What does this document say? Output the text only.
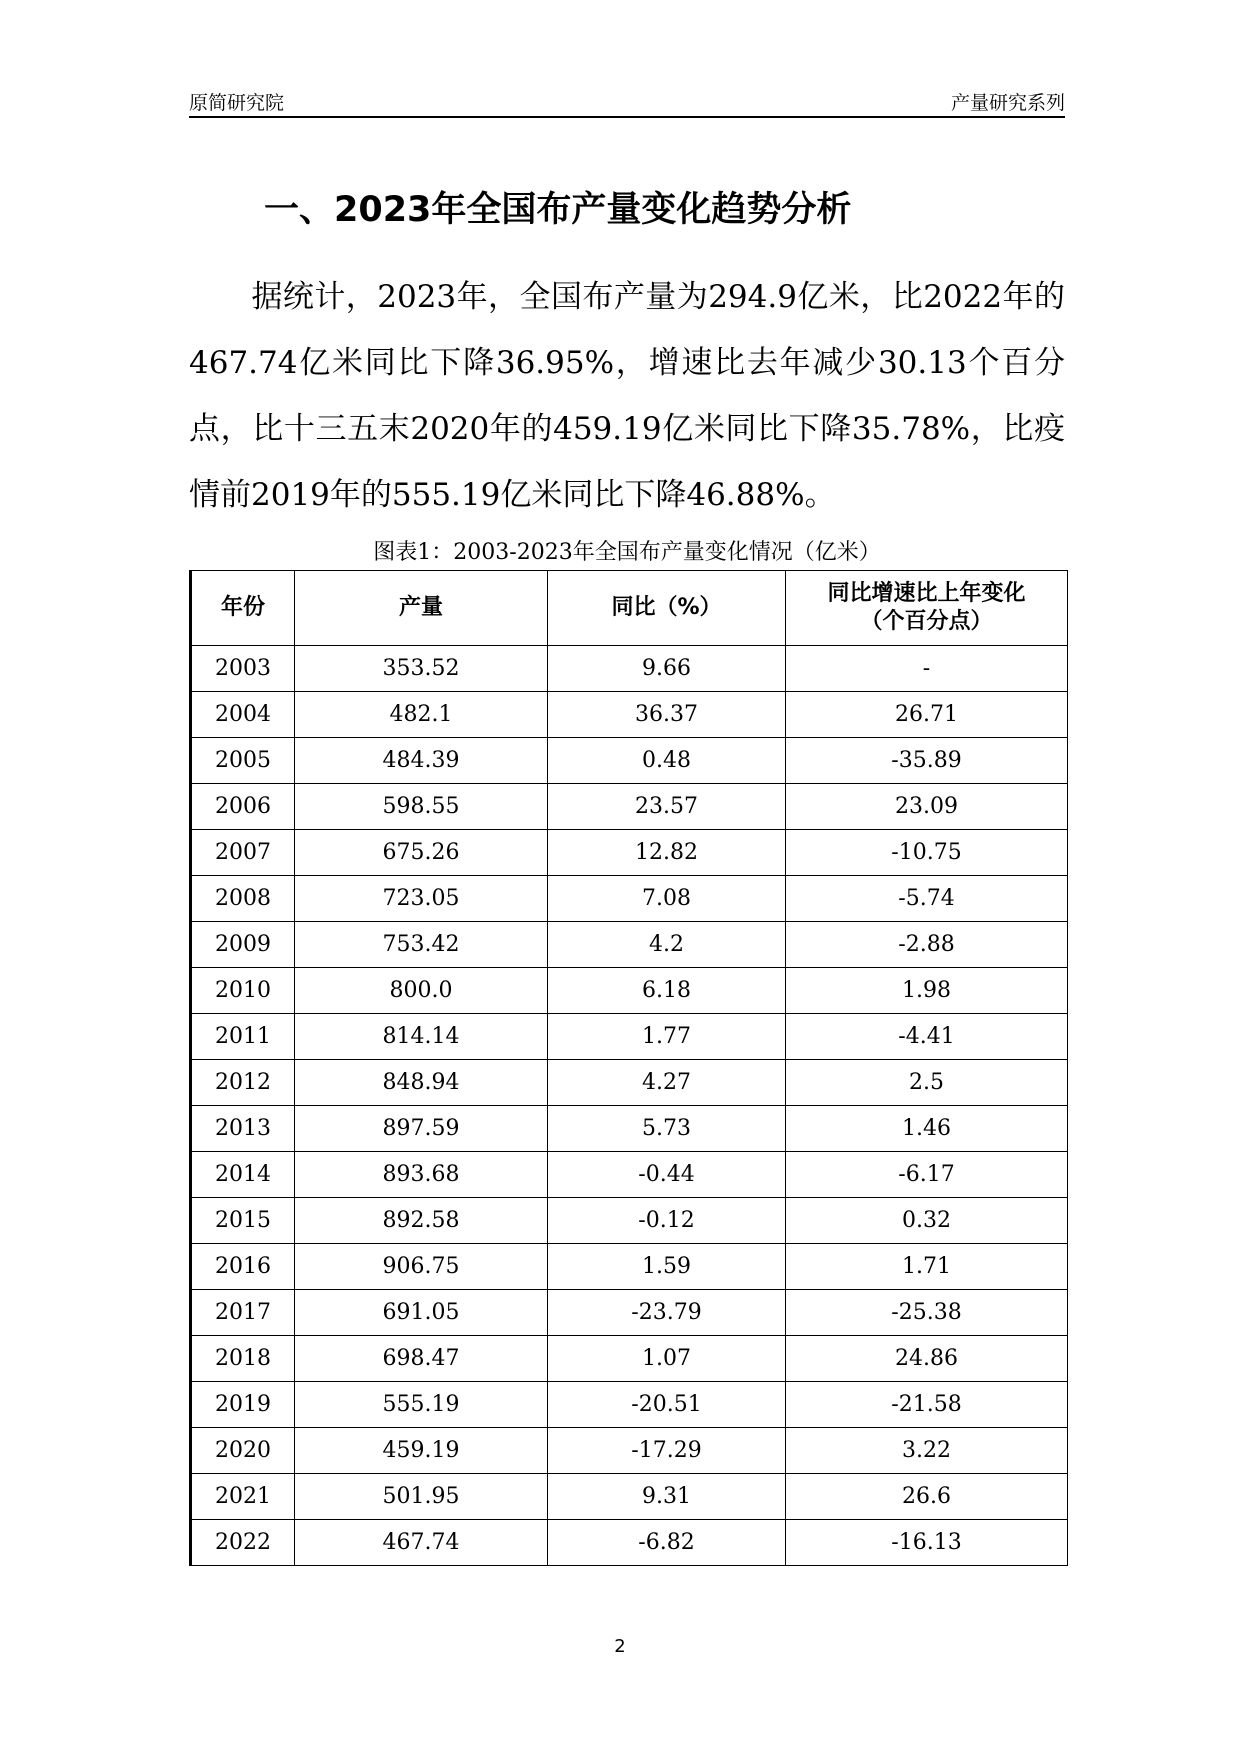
原简研究院	产量研究系列
一、2023年全国布产量变化趋势分析

据统计，2023年，全国布产量为294.9亿米，比2022年的467.74亿米同比下降36.95%，增速比去年减少30.13个百分点，比十三五末2020年的459.19亿米同比下降35.78%，比疫情前2019年的555.19亿米同比下降46.88%。

图表1：2003-2023年全国布产量变化情况（亿米）
年份	产量	同比（%）	同比增速比上年变化（个百分点）
2003	353.52	9.66	-
2004	482.1	36.37	26.71
2005	484.39	0.48	-35.89
2006	598.55	23.57	23.09
2007	675.26	12.82	-10.75
2008	723.05	7.08	-5.74
2009	753.42	4.2	-2.88
2010	800.0	6.18	1.98
2011	814.14	1.77	-4.41
2012	848.94	4.27	2.5
2013	897.59	5.73	1.46
2014	893.68	-0.44	-6.17
2015	892.58	-0.12	0.32
2016	906.75	1.59	1.71
2017	691.05	-23.79	-25.38
2018	698.47	1.07	24.86
2019	555.19	-20.51	-21.58
2020	459.19	-17.29	3.22
2021	501.95	9.31	26.6
2022	467.74	-6.82	-16.13
2
